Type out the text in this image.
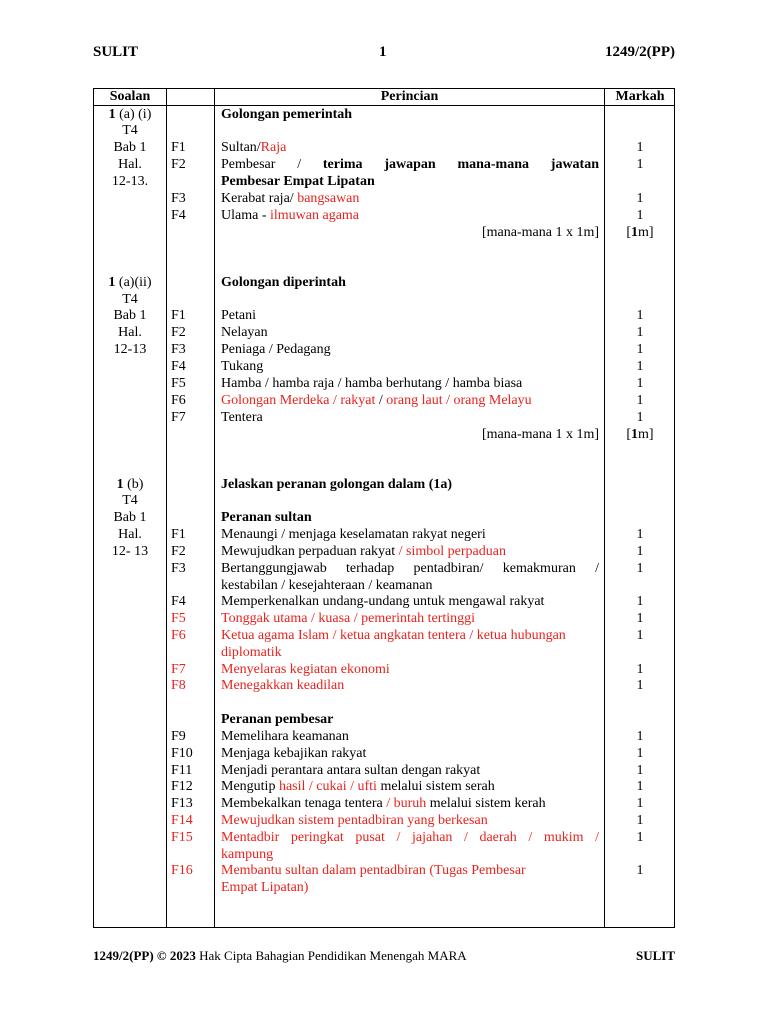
SULIT	1	1249/2(PP)
Soalan	Perincian	Markah
1 (a) (i)	Golongan pemerintah
T4
Bab 1	F1	Sultan/Raja	1
Hal.	F2	Pembesar / terima jawapan mana-mana jawatan	1
12-13.	Pembesar Empat Lipatan
F3	Kerabat raja/ bangsawan	1
F4	Ulama - ilmuwan agama	1
[mana-mana 1 x 1m]	[1m]
1 (a)(ii)	Golongan diperintah
T4
Bab 1	F1	Petani	1
Hal.	F2	Nelayan	1
12-13	F3	Peniaga / Pedagang	1
F4	Tukang	1
F5	Hamba / hamba raja / hamba berhutang / hamba biasa	1
F6	Golongan Merdeka / rakyat / orang laut / orang Melayu	1
F7	Tentera	1
[mana-mana 1 x 1m]	[1m]
1 (b)	Jelaskan peranan golongan dalam (1a)
T4
Bab 1	Peranan sultan
Hal.	F1	Menaungi / menjaga keselamatan rakyat negeri	1
12- 13	F2	Mewujudkan perpaduan rakyat / simbol perpaduan	1
F3	Bertanggungjawab terhadap pentadbiran/ kemakmuran /	1
kestabilan / kesejahteraan / keamanan
F4	Memperkenalkan undang-undang untuk mengawal rakyat	1
F5	Tonggak utama / kuasa / pemerintah tertinggi	1
F6	Ketua agama Islam / ketua angkatan tentera / ketua hubungan	1
diplomatik
F7	Menyelaras kegiatan ekonomi	1
F8	Menegakkan keadilan	1
Peranan pembesar
F9	Memelihara keamanan	1
F10 Menjaga kebajikan rakyat	1
F11 Menjadi perantara antara sultan dengan rakyat	1
F12 Mengutip hasil / cukai / ufti melalui sistem serah	1
F13 Membekalkan tenaga tentera / buruh melalui sistem kerah	1
F14 Mewujudkan sistem pentadbiran yang berkesan	1
F15 Mentadbir peringkat pusat / jajahan / daerah / mukim /	1
kampung
F16 Membantu sultan dalam pentadbiran (Tugas Pembesar	1
Empat Lipatan)
1249/2(PP) © 2023 Hak Cipta Bahagian Pendidikan Menengah MARA	SULIT
